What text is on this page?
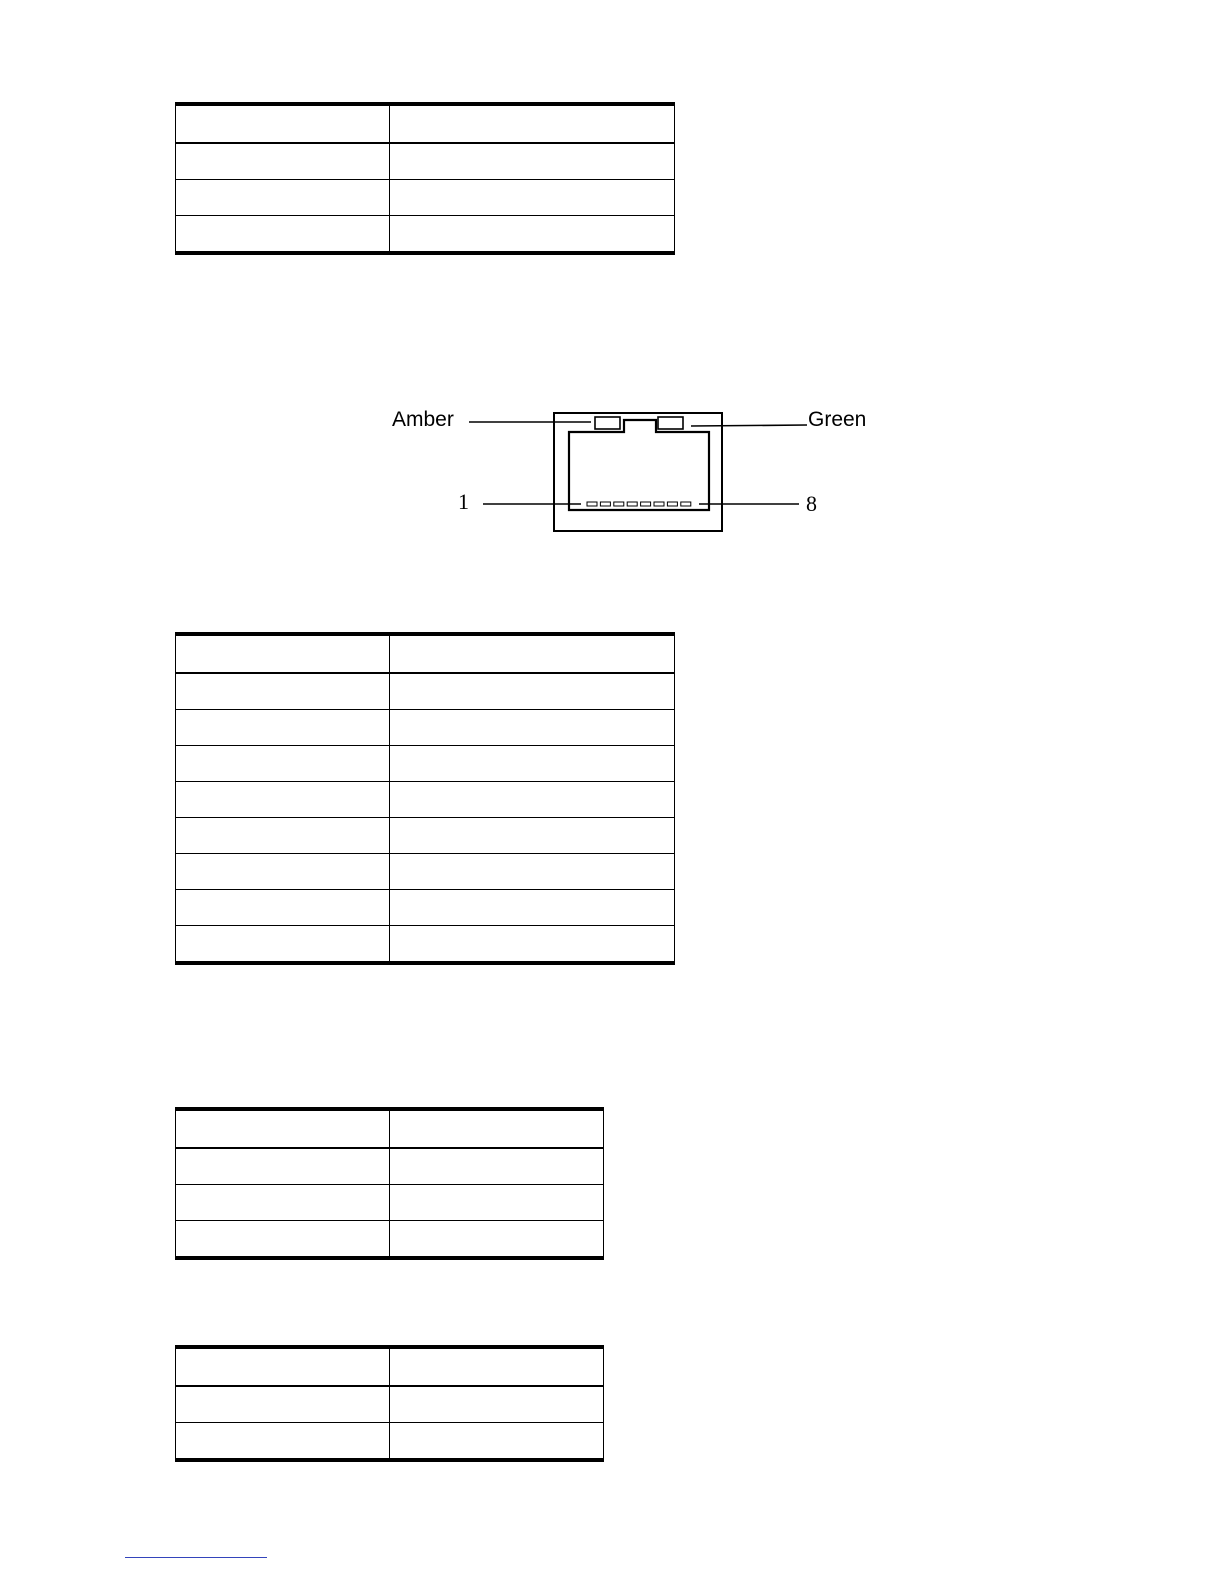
Amber	Green
1	8
